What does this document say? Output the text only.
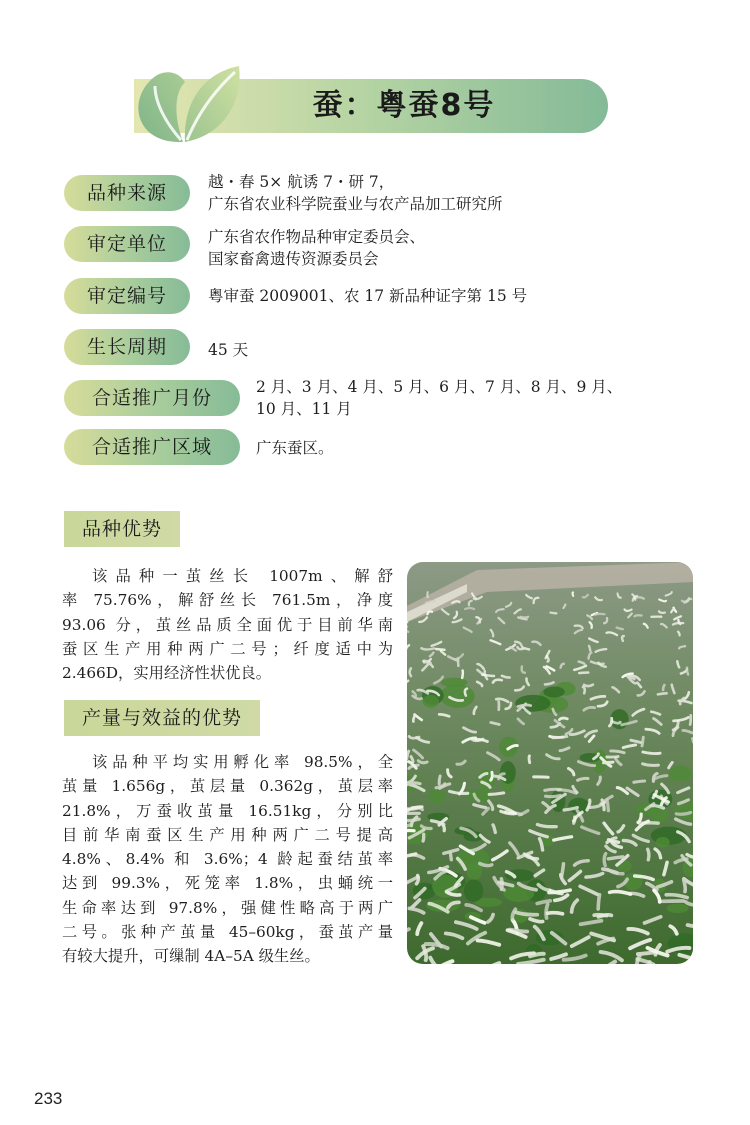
蚕：粤蚕8号
品种来源	越・春 5× 航诱 7・研 7，
广东省农业科学院蚕业与农产品加工研究所
审定单位	广东省农作物品种审定委员会、
国家畜禽遗传资源委员会
审定编号	粤审蚕 2009001、农 17 新品种证字第 15 号
生长周期	45 天
合适推广月份	2 月、3 月、4 月、5 月、6 月、7 月、8 月、9 月、
10 月、11 月
合适推广区域	广东蚕区。
品种优势
该品种一茧丝长 1007m、解舒
率 75.76%，解舒丝长 761.5m，净度
93.06 分，茧丝品质全面优于目前华南
蚕区生产用种两广二号；纤度适中为
2.466D，实用经济性状优良。
产量与效益的优势
该品种平均实用孵化率 98.5%，全
茧量 1.656g，茧层量 0.362g，茧层率
21.8%，万蚕收茧量 16.51kg，分别比
目前华南蚕区生产用种两广二号提高
4.8%、8.4% 和 3.6%；4 龄起蚕结茧率
达到 99.3%，死笼率 1.8%，虫蛹统一
生命率达到 97.8%，强健性略高于两广
二号。张种产茧量 45–60kg，蚕茧产量
有较大提升，可缫制 4A–5A 级生丝。
233
